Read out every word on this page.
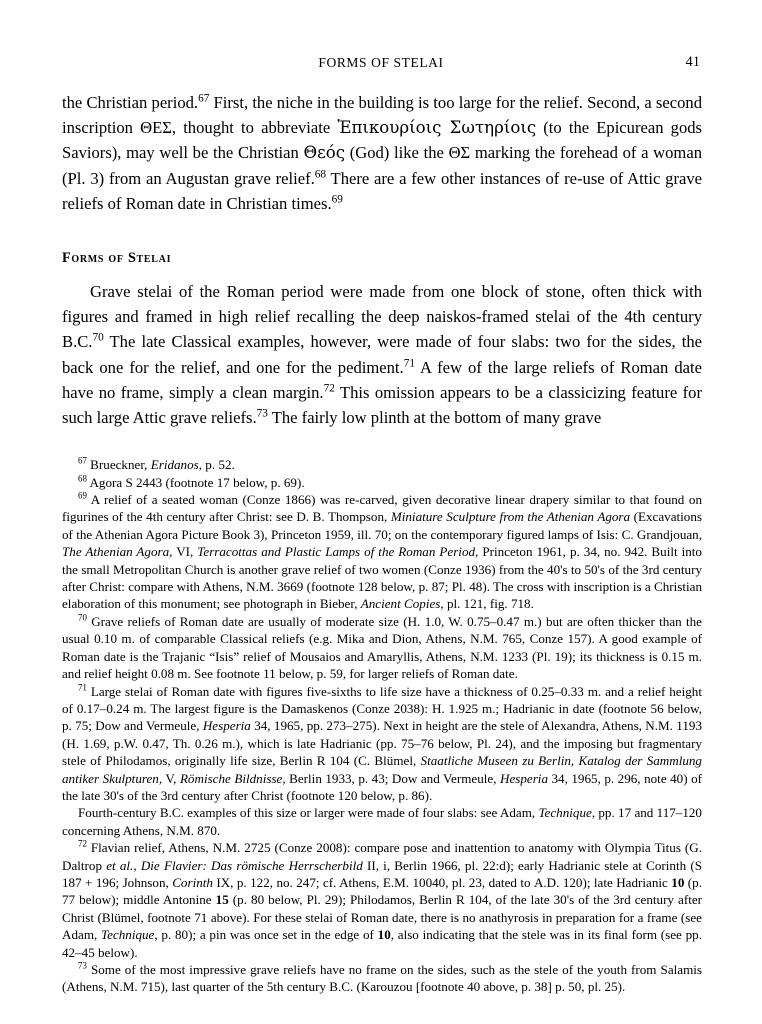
FORMS OF STELAI	41

the Christian period.$^{67}$ First, the niche in the building is too large for the relief. Second, a second inscription ΘΕΣ, thought to abbreviate Ἐπικουρίοις Σωτηρίοις (to the Epicurean gods Saviors), may well be the Christian Θεός (God) like the ΘΣ marking the forehead of a woman (Pl. 3) from an Augustan grave relief.$^{68}$ There are a few other instances of re-use of Attic grave reliefs of Roman date in Christian times.$^{69}$

Forms of Stelai

Grave stelai of the Roman period were made from one block of stone, often thick with figures and framed in high relief recalling the deep naiskos-framed stelai of the 4th century B.C.$^{70}$ The late Classical examples, however, were made of four slabs: two for the sides, the back one for the relief, and one for the pediment.$^{71}$ A few of the large reliefs of Roman date have no frame, simply a clean margin.$^{72}$ This omission appears to be a classicizing feature for such large Attic grave reliefs.$^{73}$ The fairly low plinth at the bottom of many grave

$^{67}$ Brueckner, Eridanos, p. 52.

$^{68}$ Agora S 2443 (footnote 17 below, p. 69).

$^{69}$ A relief of a seated woman (Conze 1866) was re-carved, given decorative linear drapery similar to that found on figurines of the 4th century after Christ: see D. B. Thompson, Miniature Sculpture from the Athenian Agora (Excavations of the Athenian Agora Picture Book 3), Princeton 1959, ill. 70; on the contemporary figured lamps of Isis: C. Grandjouan, The Athenian Agora, VI, Terracottas and Plastic Lamps of the Roman Period, Princeton 1961, p. 34, no. 942. Built into the small Metropolitan Church is another grave relief of two women (Conze 1936) from the 40's to 50's of the 3rd century after Christ: compare with Athens, N.M. 3669 (footnote 128 below, p. 87; Pl. 48). The cross with inscription is a Christian elaboration of this monument; see photograph in Bieber, Ancient Copies, pl. 121, fig. 718.

$^{70}$ Grave reliefs of Roman date are usually of moderate size (H. 1.0, W. 0.75–0.47 m.) but are often thicker than the usual 0.10 m. of comparable Classical reliefs (e.g. Mika and Dion, Athens, N.M. 765, Conze 157). A good example of Roman date is the Trajanic “Isis” relief of Mousaios and Amaryllis, Athens, N.M. 1233 (Pl. 19); its thickness is 0.15 m. and relief height 0.08 m. See footnote 11 below, p. 59, for larger reliefs of Roman date.

$^{71}$ Large stelai of Roman date with figures five-sixths to life size have a thickness of 0.25–0.33 m. and a relief height of 0.17–0.24 m. The largest figure is the Damaskenos (Conze 2038): H. 1.925 m.; Hadrianic in date (footnote 56 below, p. 75; Dow and Vermeule, Hesperia 34, 1965, pp. 273–275). Next in height are the stele of Alexandra, Athens, N.M. 1193 (H. 1.69, p.W. 0.47, Th. 0.26 m.), which is late Hadrianic (pp. 75–76 below, Pl. 24), and the imposing but fragmentary stele of Philodamos, originally life size, Berlin R 104 (C. Blümel, Staatliche Museen zu Berlin, Katalog der Sammlung antiker Skulpturen, V, Römische Bildnisse, Berlin 1933, p. 43; Dow and Vermeule, Hesperia 34, 1965, p. 296, note 40) of the late 30's of the 3rd century after Christ (footnote 120 below, p. 86).

Fourth-century B.C. examples of this size or larger were made of four slabs: see Adam, Technique, pp. 17 and 117–120 concerning Athens, N.M. 870.

$^{72}$ Flavian relief, Athens, N.M. 2725 (Conze 2008): compare pose and inattention to anatomy with Olympia Titus (G. Daltrop et al., Die Flavier: Das römische Herrscherbild II, i, Berlin 1966, pl. 22:d); early Hadrianic stele at Corinth (S 187 + 196; Johnson, Corinth IX, p. 122, no. 247; cf. Athens, E.M. 10040, pl. 23, dated to A.D. 120); late Hadrianic 10 (p. 77 below); middle Antonine 15 (p. 80 below, Pl. 29); Philodamos, Berlin R 104, of the late 30's of the 3rd century after Christ (Blümel, footnote 71 above). For these stelai of Roman date, there is no anathyrosis in preparation for a frame (see Adam, Technique, p. 80); a pin was once set in the edge of 10, also indicating that the stele was in its final form (see pp. 42–45 below).

$^{73}$ Some of the most impressive grave reliefs have no frame on the sides, such as the stele of the youth from Salamis (Athens, N.M. 715), last quarter of the 5th century B.C. (Karouzou [footnote 40 above, p. 38] p. 50, pl. 25).
